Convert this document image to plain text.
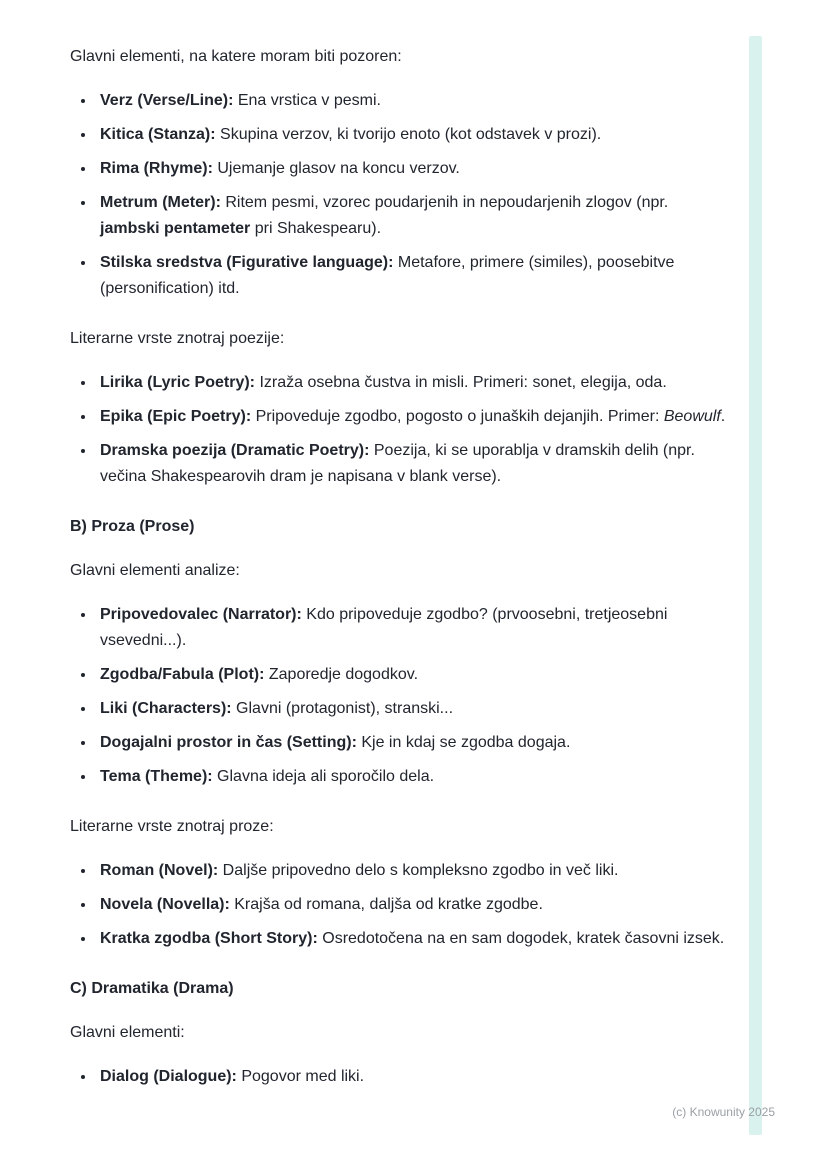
Glavni elementi, na katere moram biti pozoren:

• Verz (Verse/Line): Ena vrstica v pesmi.
• Kitica (Stanza): Skupina verzov, ki tvorijo enoto (kot odstavek v prozi).
• Rima (Rhyme): Ujemanje glasov na koncu verzov.
• Metrum (Meter): Ritem pesmi, vzorec poudarjenih in nepoudarjenih zlogov (npr. jambski pentameter pri Shakespearu).
• Stilska sredstva (Figurative language): Metafore, primere (similes), poosebitve (personification) itd.

Literarne vrste znotraj poezije:

• Lirika (Lyric Poetry): Izraža osebna čustva in misli. Primeri: sonet, elegija, oda.
• Epika (Epic Poetry): Pripoveduje zgodbo, pogosto o junaških dejanjih. Primer: Beowulf.
• Dramska poezija (Dramatic Poetry): Poezija, ki se uporablja v dramskih delih (npr. večina Shakespearovih dram je napisana v blank verse).

B) Proza (Prose)

Glavni elementi analize:

• Pripovedovalec (Narrator): Kdo pripoveduje zgodbo? (prvoosebni, tretjeosebni vsevedni...).
• Zgodba/Fabula (Plot): Zaporedje dogodkov.
• Liki (Characters): Glavni (protagonist), stranski...
• Dogajalni prostor in čas (Setting): Kje in kdaj se zgodba dogaja.
• Tema (Theme): Glavna ideja ali sporočilo dela.

Literarne vrste znotraj proze:

• Roman (Novel): Daljše pripovedno delo s kompleksno zgodbo in več liki.
• Novela (Novella): Krajša od romana, daljša od kratke zgodbe.
• Kratka zgodba (Short Story): Osredotočena na en sam dogodek, kratek časovni izsek.

C) Dramatika (Drama)

Glavni elementi:

• Dialog (Dialogue): Pogovor med liki.
(c) Knowunity 2025
